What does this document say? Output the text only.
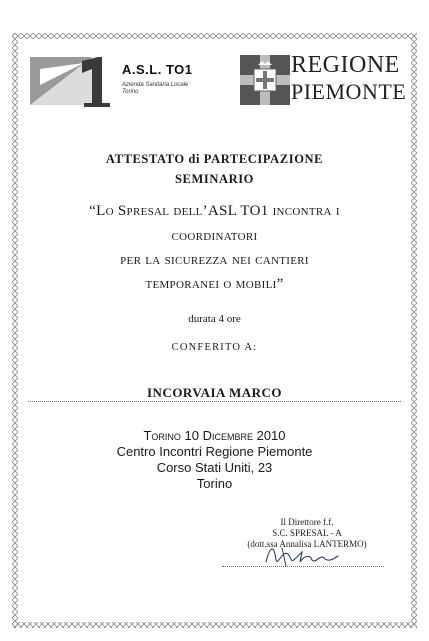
A.S.L. TO1
Azienda Sanitaria Locale
Torino
REGIONE
PIEMONTE
ATTESTATO di PARTECIPAZIONE
SEMINARIO
“Lo Spresal dell’ASL TO1 incontra i
coordinatori
per la sicurezza nei cantieri
temporanei o mobili”
durata 4 ore
CONFERITO A:
INCORVAIA MARCO
Torino 10 Dicembre 2010
Centro Incontri Regione Piemonte
Corso Stati Uniti, 23
Torino
Il Direttore f.f.
S.C. SPRESAL - A
(dott.ssa Annalisa LANTERMO)
